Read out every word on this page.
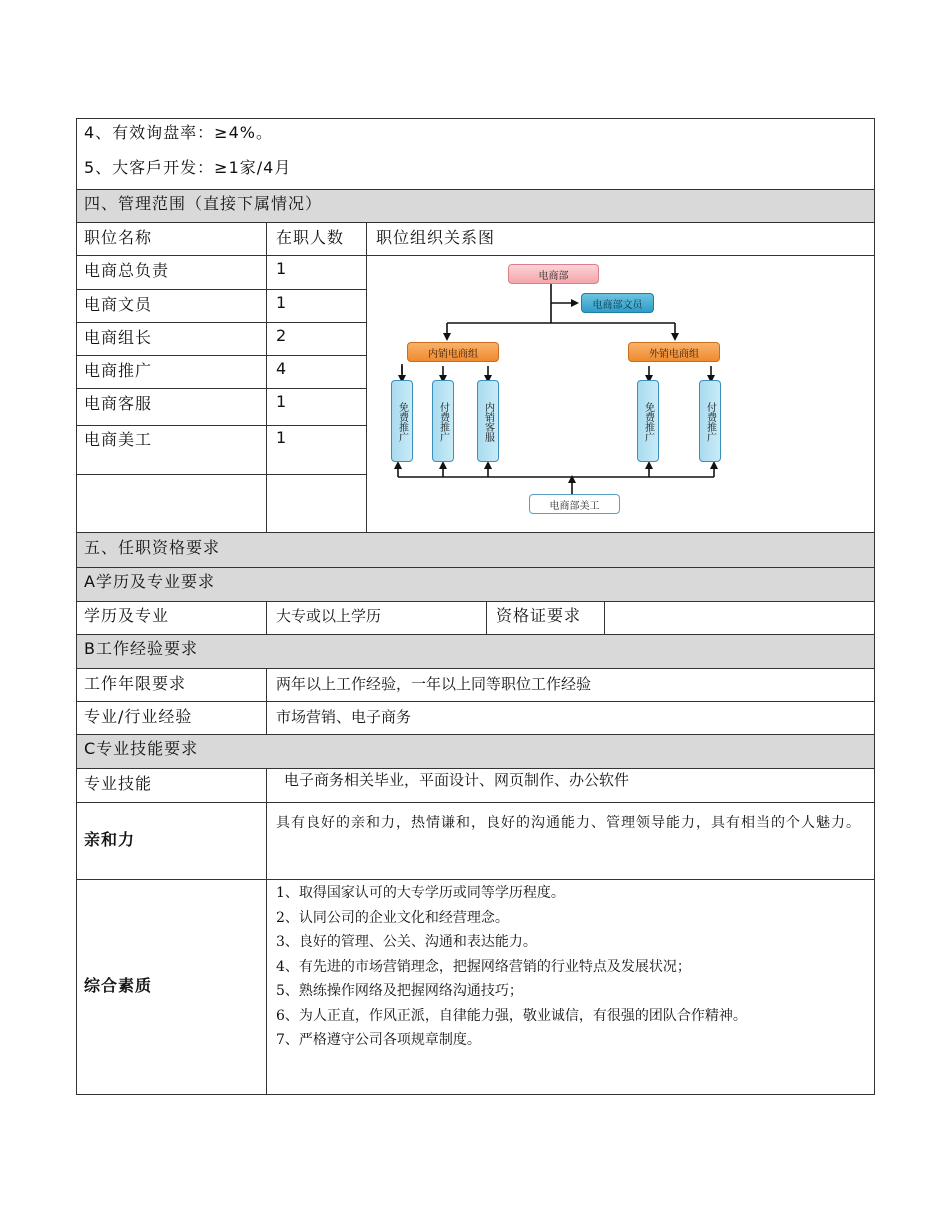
4、有效询盘率：≥4%。
5、大客戶开发：≥1家/4月
四、管理范围（直接下属情况）
职位名称	在职人数 职位组织关系图
电商总负责	1
电商文员	1
电商组长	2
电商推广	4
电商客服	1
电商美工	1
电商部
电商部文员
内销电商组	外销电商组
免费推广	付费推广	内销客服	免费推广	付费推广
电商部美工
五、任职资格要求
A学历及专业要求
学历及专业	大专或以上学历	资格证要求
B工作经验要求
工作年限要求	两年以上工作经验，一年以上同等职位工作经验
专业/行业经验	市场营销、电子商务
C专业技能要求
专业技能	电子商务相关毕业，平面设计、网页制作、办公软件
亲和力
具有良好的亲和力，热情谦和，良好的沟通能力、管理领导能力，具有相当的个人魅力。
综合素质
1、取得国家认可的大专学历或同等学历程度。
2、认同公司的企业文化和经营理念。
3、良好的管理、公关、沟通和表达能力。
4、有先进的市场营销理念，把握网络营销的行业特点及发展状况；
5、熟练操作网络及把握网络沟通技巧；
6、为人正直，作风正派，自律能力强，敬业诚信，有很强的团队合作精神。
7、严格遵守公司各项规章制度。
